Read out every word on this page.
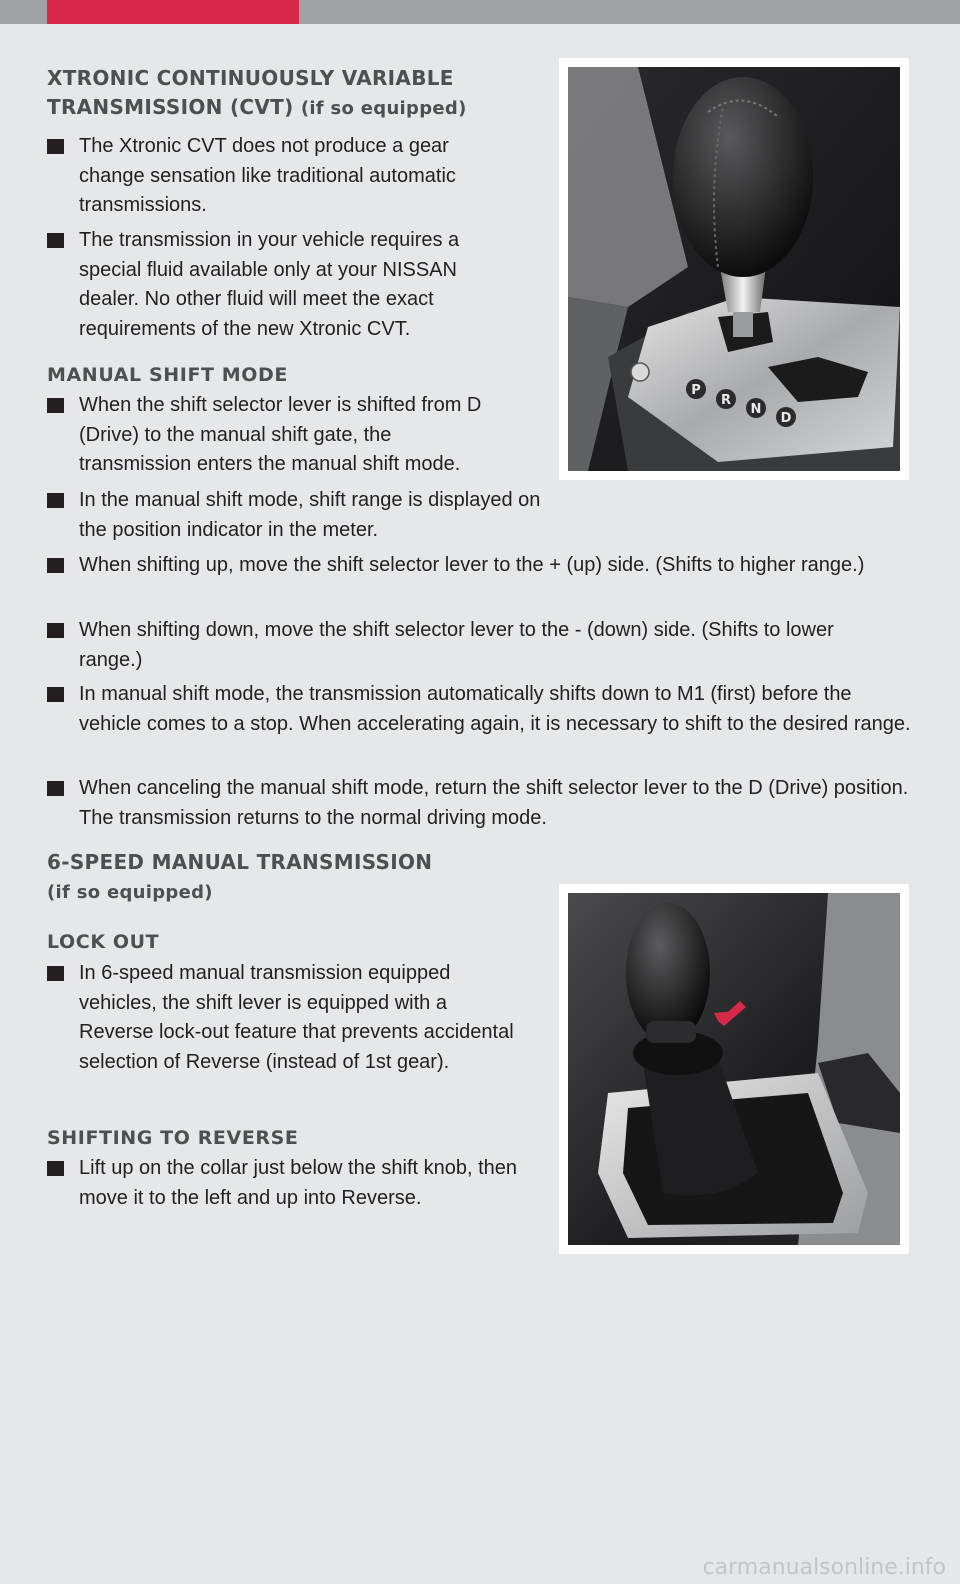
XTRONIC CONTINUOUSLY VARIABLE
TRANSMISSION (CVT) (if so equipped)

The Xtronic CVT does not produce a gear change sensation like traditional automatic transmissions.

The transmission in your vehicle requires a special fluid available only at your NISSAN dealer. No other fluid will meet the exact requirements of the new Xtronic CVT.

MANUAL SHIFT MODE

When the shift selector lever is shifted from D (Drive) to the manual shift gate, the transmission enters the manual shift mode.

In the manual shift mode, shift range is displayed on the position indicator in the meter.

When shifting up, move the shift selector lever to the + (up) side. (Shifts to higher range.)

When shifting down, move the shift selector lever to the - (down) side. (Shifts to lower range.)

In manual shift mode, the transmission automatically shifts down to M1 (first) before the vehicle comes to a stop. When accelerating again, it is necessary to shift to the desired range.

When canceling the manual shift mode, return the shift selector lever to the D (Drive) position. The transmission returns to the normal driving mode.

6-SPEED MANUAL TRANSMISSION
(if so equipped)
LOCK OUT

In 6-speed manual transmission equipped vehicles, the shift lever is equipped with a Reverse lock-out feature that prevents accidental selection of Reverse (instead of 1st gear).

SHIFTING TO REVERSE

Lift up on the collar just below the shift knob, then move it to the left and up into Reverse.

P
R
N
D
carmanualsonline.info
